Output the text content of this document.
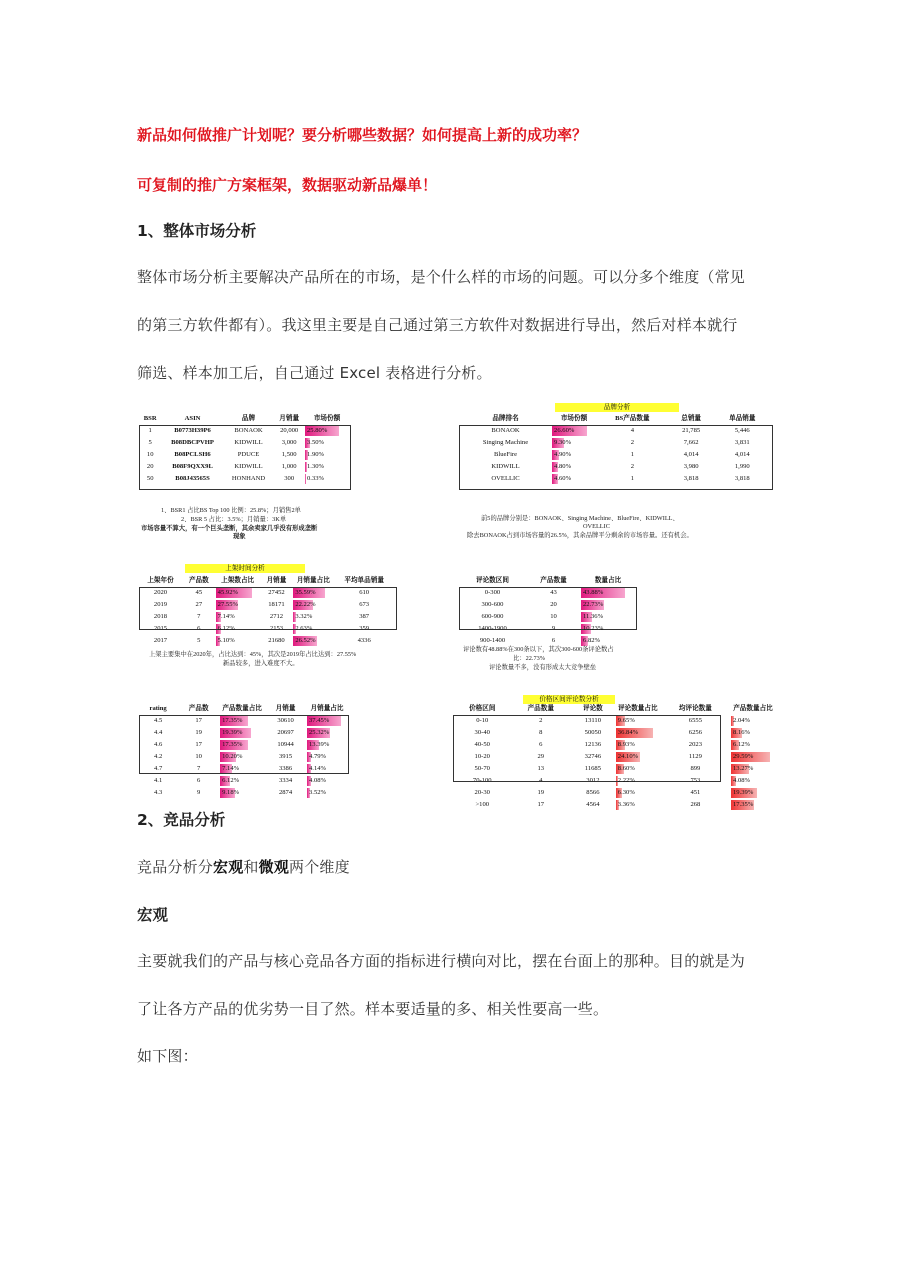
新品如何做推广计划呢？要分析哪些数据？如何提高上新的成功率？

可复制的推广方案框架，数据驱动新品爆单！

1、整体市场分析

整体市场分析主要解决产品所在的市场，是个什么样的市场的问题。可以分多个维度（常见

的第三方软件都有）。我这里主要是自己通过第三方软件对数据进行导出，然后对样本就行

筛选、样本加工后，自己通过 Excel 表格进行分析。

BSR	ASIN	品牌	月销量	市场份额
1	B0773H39P6	BONAOK	20,000	25.80%
5	B08DBCPVHP	KIDWILL	3,000	3.50%
10	B08PCLSH6	PDUCE	1,500	1.90%
20	B08F9QXX9L	KIDWILL	1,000	1.30%
50	B08J43565S	HONHAND	300	0.33%
1、BSR1 占比BS Top 100 比例：25.8%；月销售2单
2、BSR 5 占比：3.5%；月销量：3K单
市场容量不算大，有一个巨头垄断，其余卖家几乎没有形成垄断
现象
品牌分析
品牌排名	市场份额	BS产品数量	总销量	单品销量
BONAOK	26.60%	4	21,785	5,446
Singing Machine	9.30%	2	7,662	3,831
BlueFire	4.90%	1	4,014	4,014
KIDWILL	4.80%	2	3,980	1,990
OVELLIC	4.60%	1	3,818	3,818
前5的品牌分别是：BONAOK、Singing Machine、BlueFire、KIDWILL、
OVELLIC
除去BONAOK占到市场容量的26.5%，其余品牌平分剩余的市场容量。还有机会。
上架时间分析
上架年份	产品数	上架数占比	月销量	月销量占比	平均单品销量
2020	45	45.92%	27452	35.59%	610
2019	27	27.55%	18171	22.22%	673
2018	7	7.14%	2712	3.32%	387
2015	6	6.12%	2153	2.63%	359
2017	5	5.10%	21680	26.52%	4336
上架主要集中在2020年，占比达到：45%，其次是2019年占比达到：27.55%
新品较多，进入难度不大。
评论数区间	产品数量	数量占比
0-300	43	43.88%
300-600	20	22.73%
600-900	10	11.36%
1400-1900	9	10.23%
900-1400	6	6.82%
评论数有48.88%在300条以下，其次300-600条评论数占
比：22.73%
评论数量不多，没有形成太大竞争壁垒
rating	产品数	产品数量占比	月销量	月销量占比
4.5	17	17.35%	30610	37.45%
4.4	19	19.39%	20697	25.32%
4.6	17	17.35%	10944	13.39%
4.2	10	10.20%	3915	4.79%
4.7	7	7.14%	3386	4.14%
4.1	6	6.12%	3334	4.08%
4.3	9	9.18%	2874	3.52%
价格区间评论数分析
价格区间	产品数量	评论数	评论数量占比	均评论数量	产品数量占比
0-10	2	13110	9.65%	6555	2.04%
30-40	8	50050	36.84%	6256	8.16%
40-50	6	12136	8.93%	2023	6.12%
10-20	29	32746	24.10%	1129	29.59%
50-70	13	11685	8.60%	899	13.27%
70-100	4	3012	2.22%	753	4.08%
20-30	19	8566	6.30%	451	19.39%
>100	17	4564	3.36%	268	17.35%

2、竞品分析

竞品分析分宏观和微观两个维度

宏观

主要就我们的产品与核心竞品各方面的指标进行横向对比，摆在台面上的那种。目的就是为

了让各方产品的优劣势一目了然。样本要适量的多、相关性要高一些。

如下图：
